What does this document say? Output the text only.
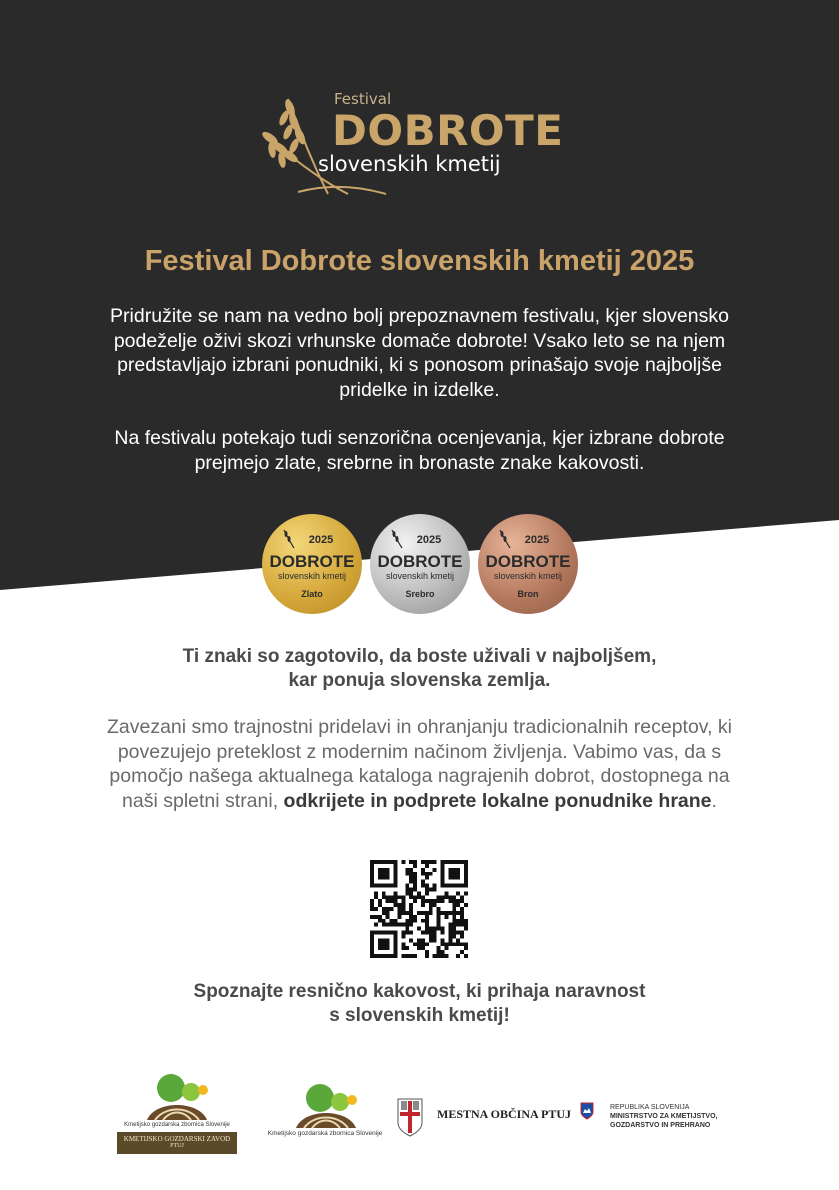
Festival
DOBROTE
slovenskih kmetij
Festival Dobrote slovenskih kmetij 2025

Pridružite se nam na vedno bolj prepoznavnem festivalu, kjer slovensko podeželje oživi skozi vrhunske domače dobrote! Vsako leto se na njem predstavljajo izbrani ponudniki, ki s ponosom prinašajo svoje najboljše pridelke in izdelke.

Na festivalu potekajo tudi senzorična ocenjevanja, kjer izbrane dobrote prejmejo zlate, srebrne in bronaste znake kakovosti.

2025
DOBROTE
slovenskih kmetij
Zlato
2025
DOBROTE
slovenskih kmetij
Srebro
2025
DOBROTE
slovenskih kmetij
Bron
Ti znaki so zagotovilo, da boste uživali v najboljšem,
kar ponuja slovenska zemlja.
Zavezani smo trajnostni pridelavi in ohranjanju tradicionalnih receptov, ki povezujejo preteklost z modernim načinom življenja. Vabimo vas, da s pomočjo našega aktualnega kataloga nagrajenih dobrot, dostopnega na naši spletni strani, odkrijete in podprete lokalne ponudnike hrane.
Spoznajte resnično kakovost, ki prihaja naravnost
s slovenskih kmetij!
Kmetijsko gozdarska zbornica Slovenije
KMETIJSKO GOZDARSKI ZAVOD
PTUJ
Kmetijsko gozdarska zbornica Slovenije
MESTNA OBČINA PTUJ	REPUBLIKA SLOVENIJA
MINISTRSTVO ZA KMETIJSTVO,
GOZDARSTVO IN PREHRANO
